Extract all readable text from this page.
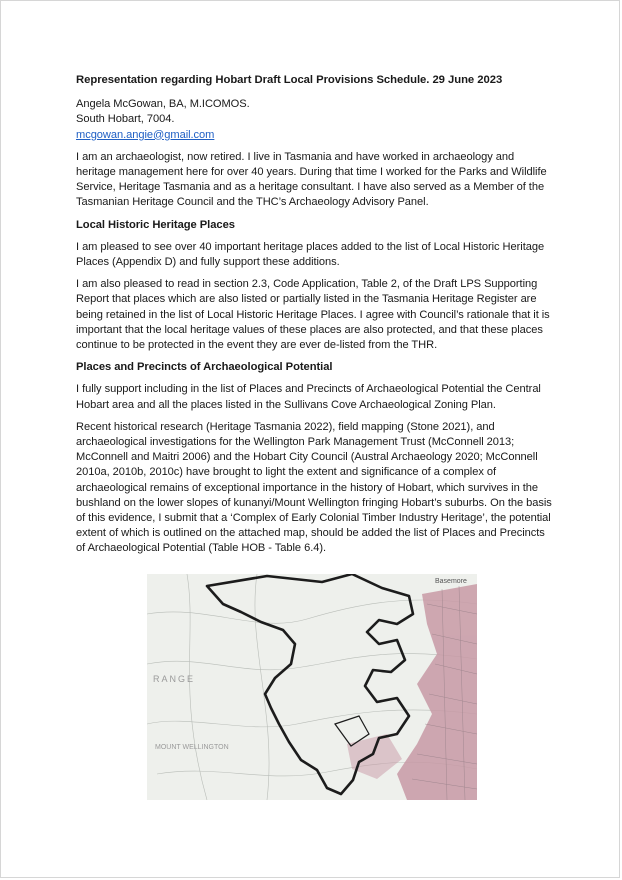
Representation regarding Hobart Draft Local Provisions Schedule. 29 June 2023
Angela McGowan, BA, M.ICOMOS.
South Hobart, 7004.
mcgowan.angie@gmail.com

I am an archaeologist, now retired. I live in Tasmania and have worked in archaeology and heritage management here for over 40 years. During that time I worked for the Parks and Wildlife Service, Heritage Tasmania and as a heritage consultant. I have also served as a Member of the Tasmanian Heritage Council and the THC’s Archaeology Advisory Panel.

Local Historic Heritage Places

I am pleased to see over 40 important heritage places added to the list of Local Historic Heritage Places (Appendix D) and fully support these additions.

I am also pleased to read in section 2.3, Code Application, Table 2, of the Draft LPS Supporting Report that places which are also listed or partially listed in the Tasmania Heritage Register are being retained in the list of Local Historic Heritage Places. I agree with Council’s rationale that it is important that the local heritage values of these places are also protected, and that these places continue to be protected in the event they are ever de-listed from the THR.

Places and Precincts of Archaeological Potential

I fully support including in the list of Places and Precincts of Archaeological Potential the Central Hobart area and all the places listed in the Sullivans Cove Archaeological Zoning Plan.

Recent historical research (Heritage Tasmania 2022), field mapping (Stone 2021), and archaeological investigations for the Wellington Park Management Trust (McConnell 2013; McConnell and Maitri 2006) and the Hobart City Council (Austral Archaeology 2020; McConnell 2010a, 2010b, 2010c) have brought to light the extent and significance of a complex of archaeological remains of exceptional importance in the history of Hobart, which survives in the bushland on the lower slopes of kunanyi/Mount Wellington fringing Hobart’s suburbs. On the basis of this evidence, I submit that a ‘Complex of Early Colonial Timber Industry Heritage’, the potential extent of which is outlined on the attached map, should be added the list of Places and Precincts of Archaeological Potential (Table HOB - Table 6.4).

RANGE
MOUNT WELLINGTON
Basemore
